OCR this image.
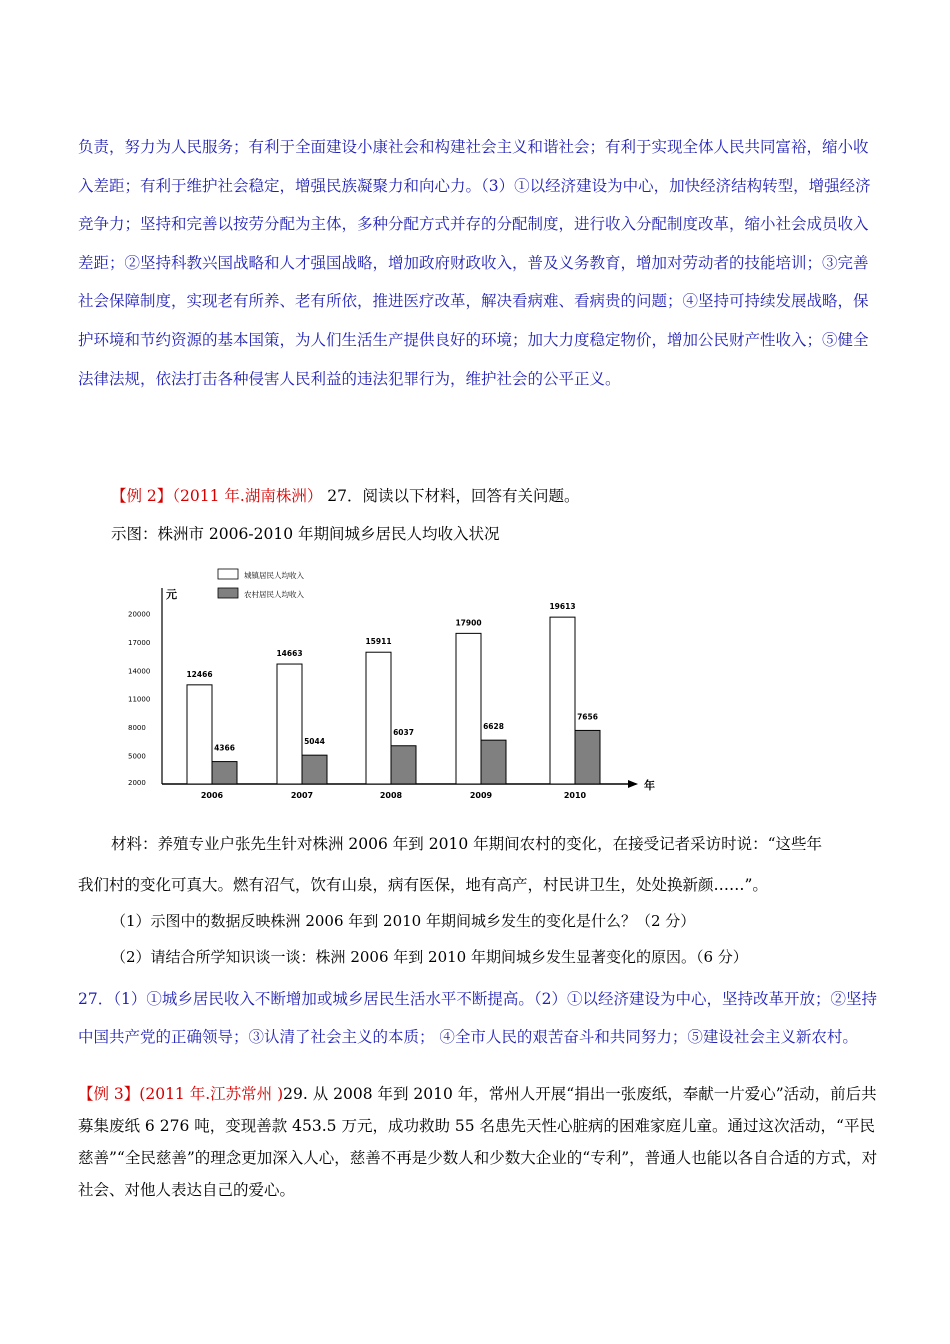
负责，努力为人民服务；有利于全面建设小康社会和构建社会主义和谐社会；有利于实现全体人民共同富裕，缩小收入差距；有利于维护社会稳定，增强民族凝聚力和向心力。（3）①以经济建设为中心，加快经济结构转型，增强经济竞争力；坚持和完善以按劳分配为主体，多种分配方式并存的分配制度，进行收入分配制度改革，缩小社会成员收入差距；②坚持科教兴国战略和人才强国战略，增加政府财政收入，普及义务教育，增加对劳动者的技能培训；③完善社会保障制度，实现老有所养、老有所依，推进医疗改革，解决看病难、看病贵的问题；④坚持可持续发展战略，保护环境和节约资源的基本国策，为人们生活生产提供良好的环境；加大力度稳定物价，增加公民财产性收入；⑤健全法律法规，依法打击各种侵害人民利益的违法犯罪行为，维护社会的公平正义。
【例 2】（2011 年.湖南株洲） 27．阅读以下材料，回答有关问题。
示图：株洲市 2006-2010 年期间城乡居民人均收入状况
元
年
20000
17000
14000
11000
8000
5000
2000
城镇居民人均收入
农村居民人均收入
12466
4366
2006
14663
5044
2007
15911
6037
2008
17900
6628
2009
19613
7656
2010
材料：养殖专业户张先生针对株洲 2006 年到 2010 年期间农村的变化，在接受记者采访时说：“这些年
我们村的变化可真大。燃有沼气，饮有山泉，病有医保，地有高产，村民讲卫生，处处换新颜……”。
（1）示图中的数据反映株洲 2006 年到 2010 年期间城乡发生的变化是什么？（2 分）
（2）请结合所学知识谈一谈：株洲 2006 年到 2010 年期间城乡发生显著变化的原因。（6 分）
27．（1）①城乡居民收入不断增加或城乡居民生活水平不断提高。（2）①以经济建设为中心，坚持改革开放；②坚持中国共产党的正确领导；③认清了社会主义的本质； ④全市人民的艰苦奋斗和共同努力；⑤建设社会主义新农村。
【例 3】(2011 年.江苏常州 )29. 从 2008 年到 2010 年，常州人开展“捐出一张废纸，奉献一片爱心”活动，前后共募集废纸 6 276 吨，变现善款 453.5 万元，成功救助 55 名患先天性心脏病的困难家庭儿童。通过这次活动，“平民慈善”“全民慈善”的理念更加深入人心，慈善不再是少数人和少数大企业的“专利”，普通人也能以各自合适的方式，对社会、对他人表达自己的爱心。
